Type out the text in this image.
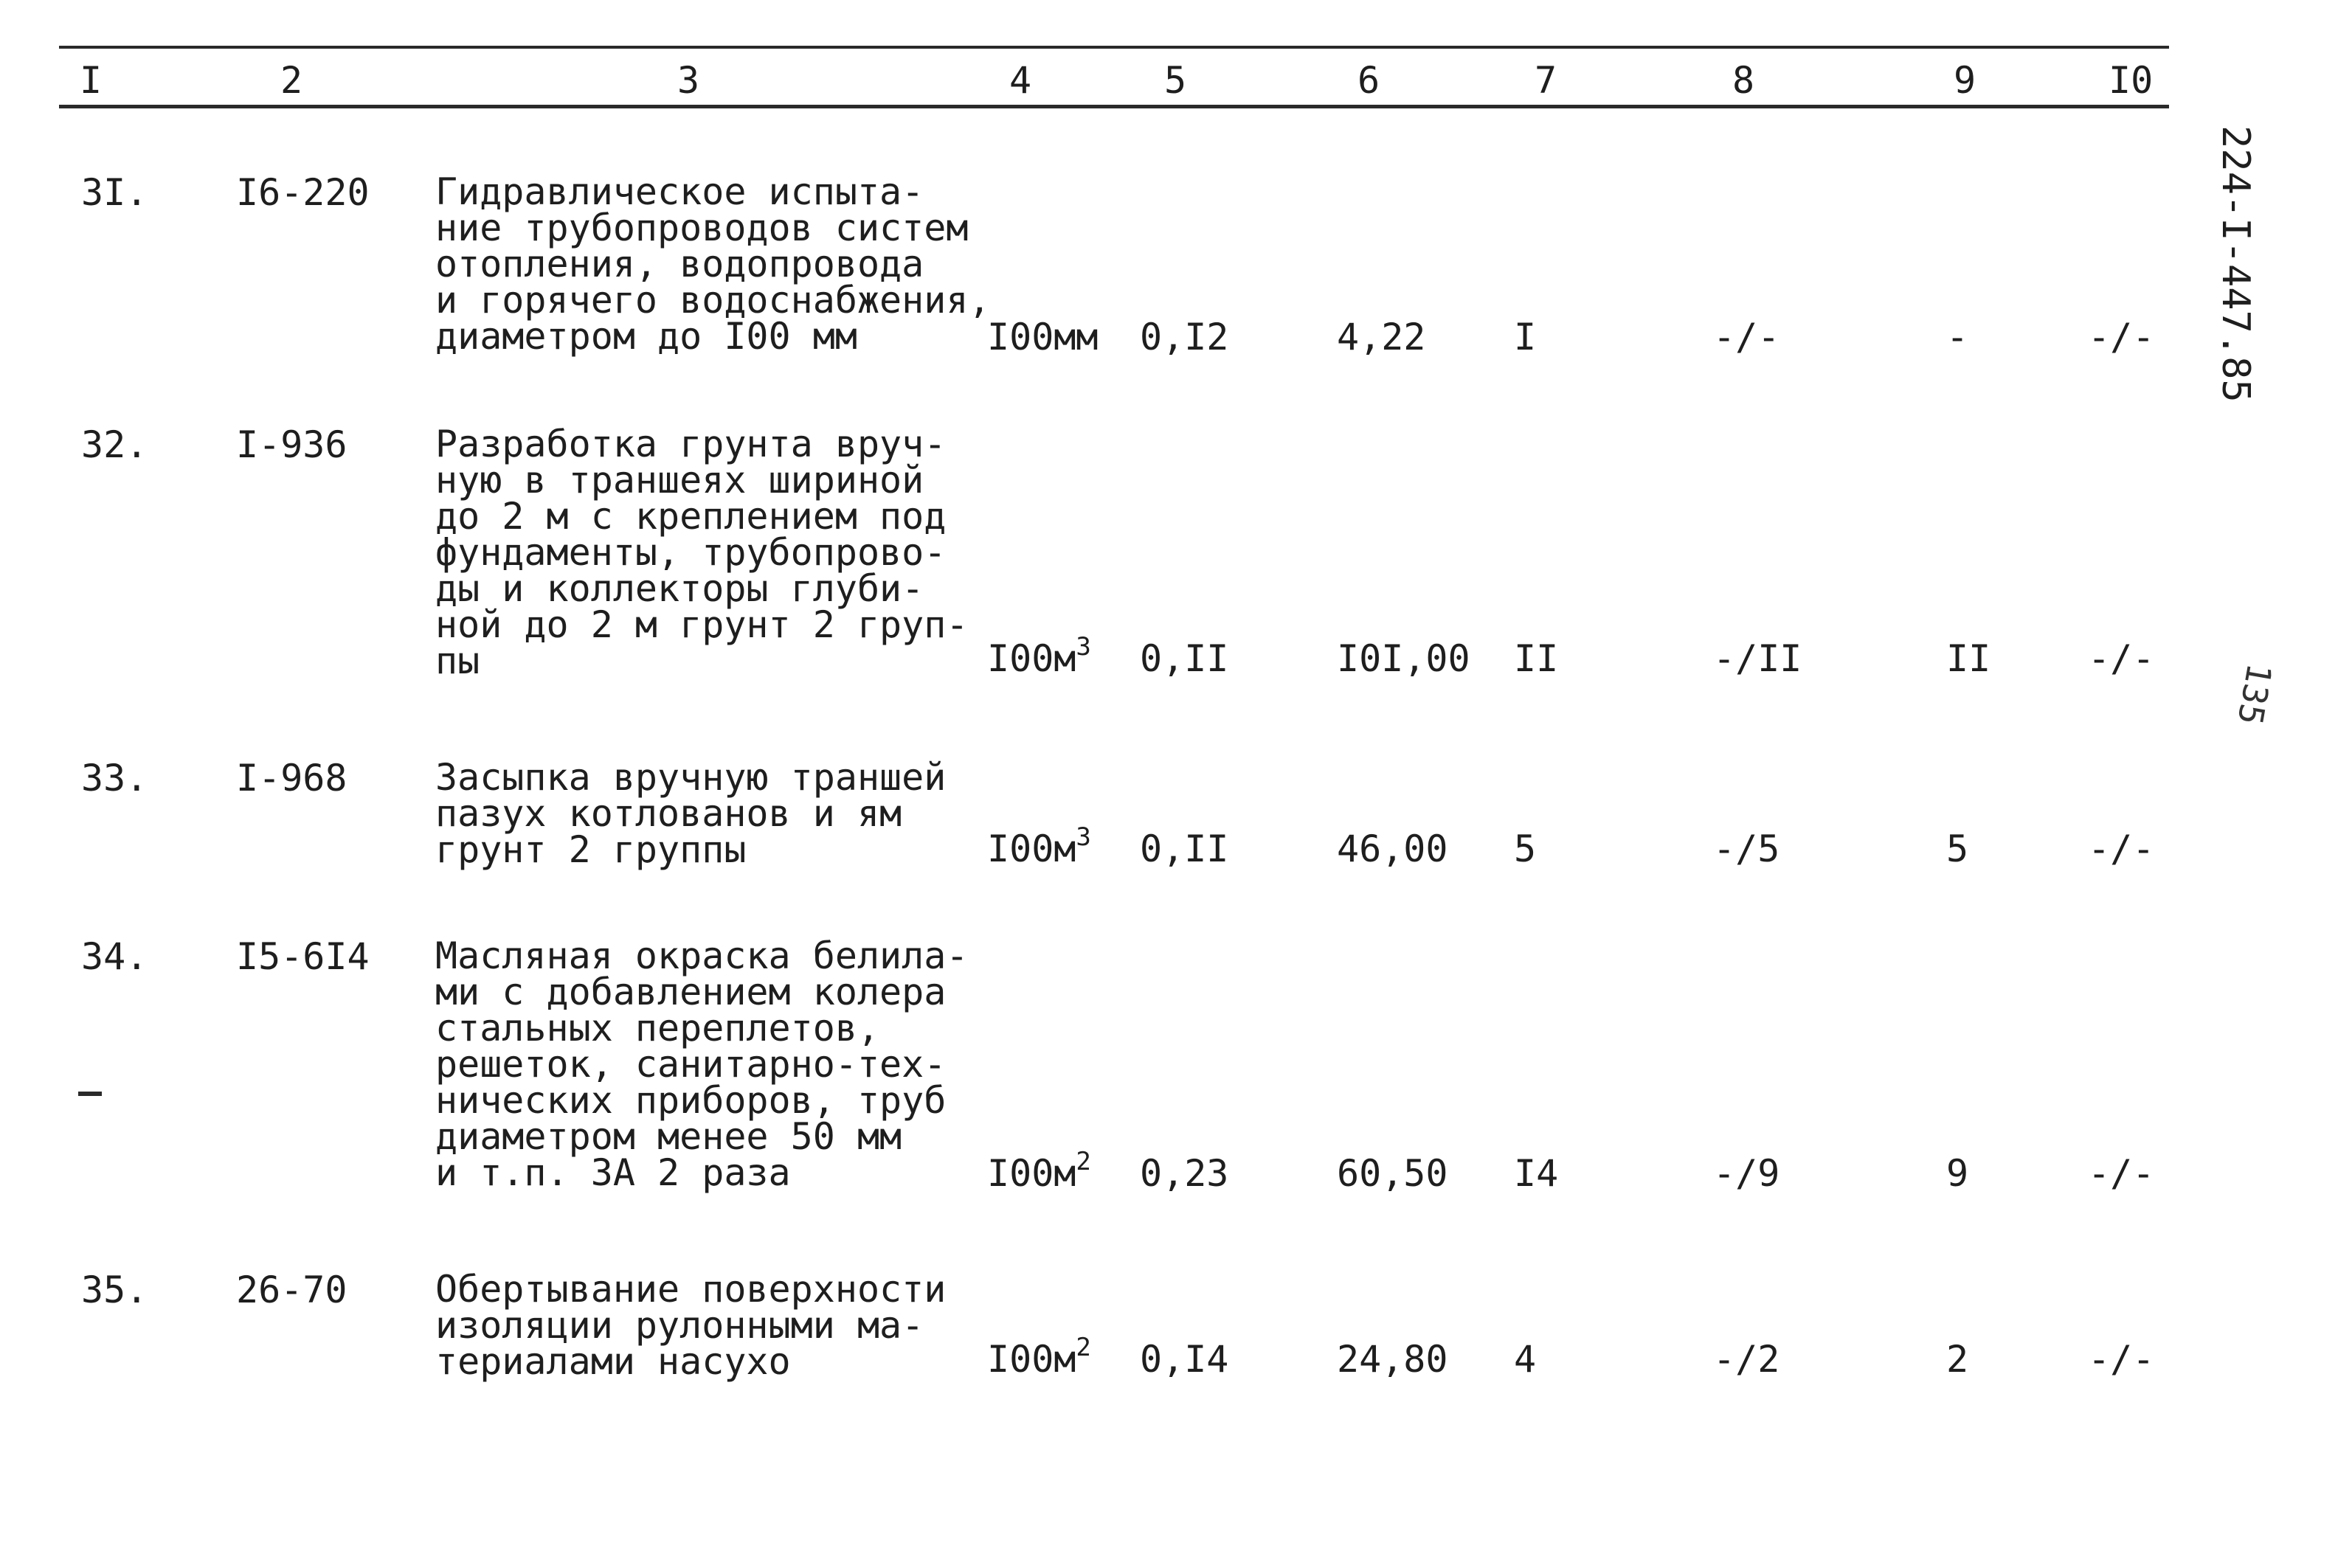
I	2	3	4	5	6	7	8	9	I0
3I. I6-220 Гидравлическое испыта-
ние трубопроводов систем
отопления, водопровода
и горячего водоснабжения,
диаметром до I00 мм	I00мм 0,I2	4,22 I	-/-	-	-/-
32. I-936 Разработка грунта вруч-
ную в траншеях шириной
до 2 м с креплением под
фундаменты, трубопрово-
ды и коллекторы глуби-
ной до 2 м грунт 2 груп-
пы	$I00м^3$ 0,II	I0I,00 II	-/II	II	-/-
33. I-968 Засыпка вручную траншей
пазух котлованов и ям
грунт 2 группы	$I00м^3$ 0,II	46,00 5	-/5	5	-/-
34. I5-6I4 Масляная окраска белила-
ми с добавлением колера
стальных переплетов,
решеток, санитарно-тех-
нических приборов, труб
диаметром менее 50 мм
и т.п. 3А 2 раза	$I00м^2$ 0,23	60,50 I4	-/9	9	-/-
35. 26-70 Обертывание поверхности
изоляции рулонными ма-
териалами насухо	$I00м^2$ 0,I4	24,80 4	-/2	2	-/-
224-I-447.85
135
